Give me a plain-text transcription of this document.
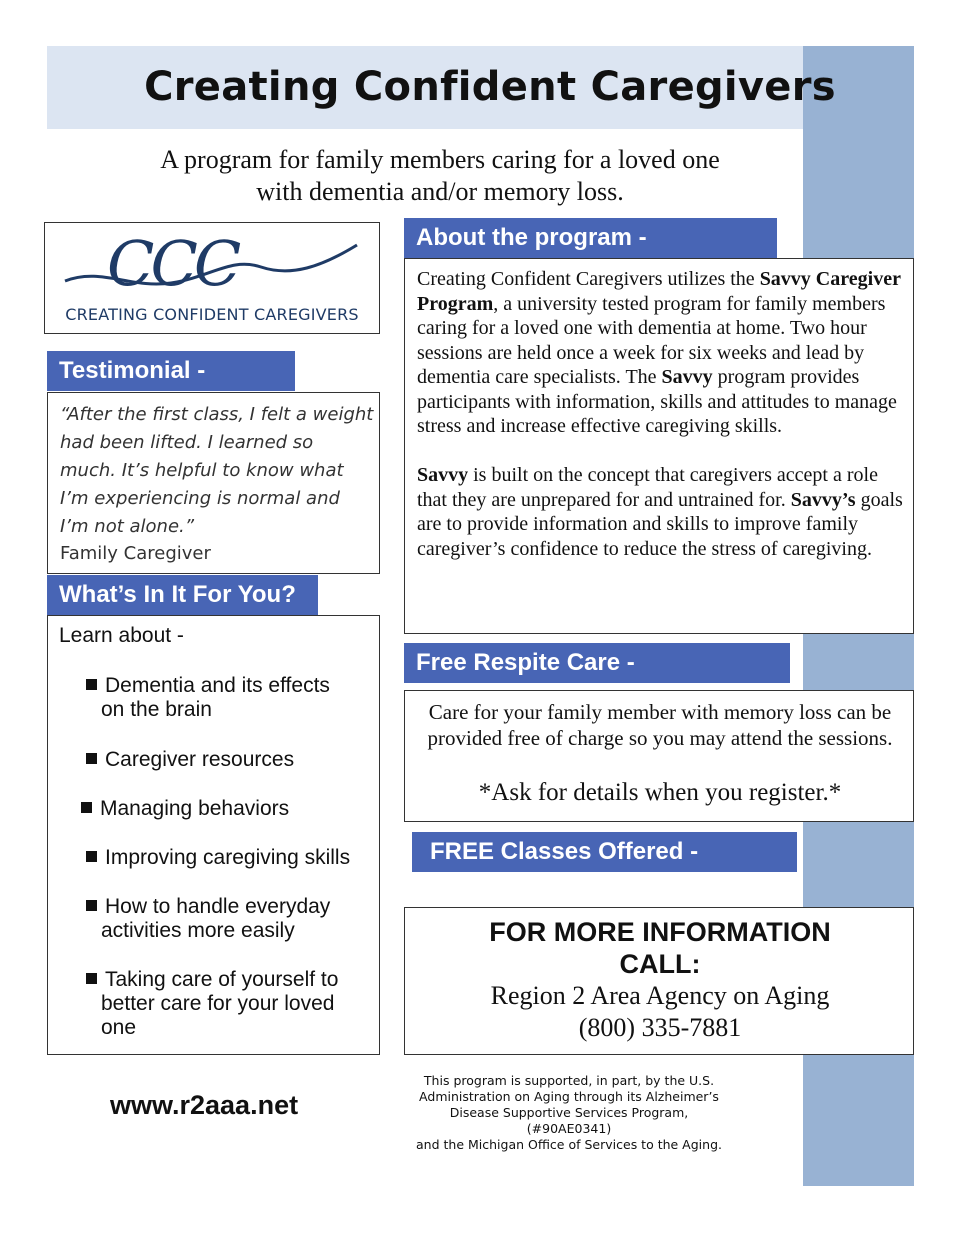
Creating Confident Caregivers
A program for family members caring for a loved one
with dementia and/or memory loss.
CCC
CREATING CONFIDENT CAREGIVERS
Testimonial -
“After the first class, I felt a weight
had been lifted. I learned so
much. It’s helpful to know what
I’m experiencing is normal and
I’m not alone.”
Family Caregiver
What’s In It For You?
Learn about -
Dementia and its effects
on the brain
Caregiver resources
Managing behaviors
Improving caregiving skills
How to handle everyday
activities more easily
Taking care of yourself to
better care for your loved
one
www.r2aaa.net
About the program -

Creating Confident Caregivers utilizes the Savvy Caregiver Program, a university tested program for family members caring for a loved one with dementia at home. Two hour sessions are held once a week for six weeks and lead by dementia care specialists. The Savvy program provides participants with information, skills and attitudes to manage stress and increase effective caregiving skills.

Savvy is built on the concept that caregivers accept a role that they are unprepared for and untrained for. Savvy’s goals are to provide information and skills to improve family caregiver’s confidence to reduce the stress of caregiving.

Free Respite Care -
Care for your family member with memory loss can be provided free of charge so you may attend the sessions.
*Ask for details when you register.*
FREE Classes Offered -
FOR MORE INFORMATION
CALL:
Region 2 Area Agency on Aging
(800) 335-7881
This program is supported, in part, by the U.S.
Administration on Aging through its Alzheimer’s
Disease Supportive Services Program, (#90AE0341)
and the Michigan Office of Services to the Aging.
